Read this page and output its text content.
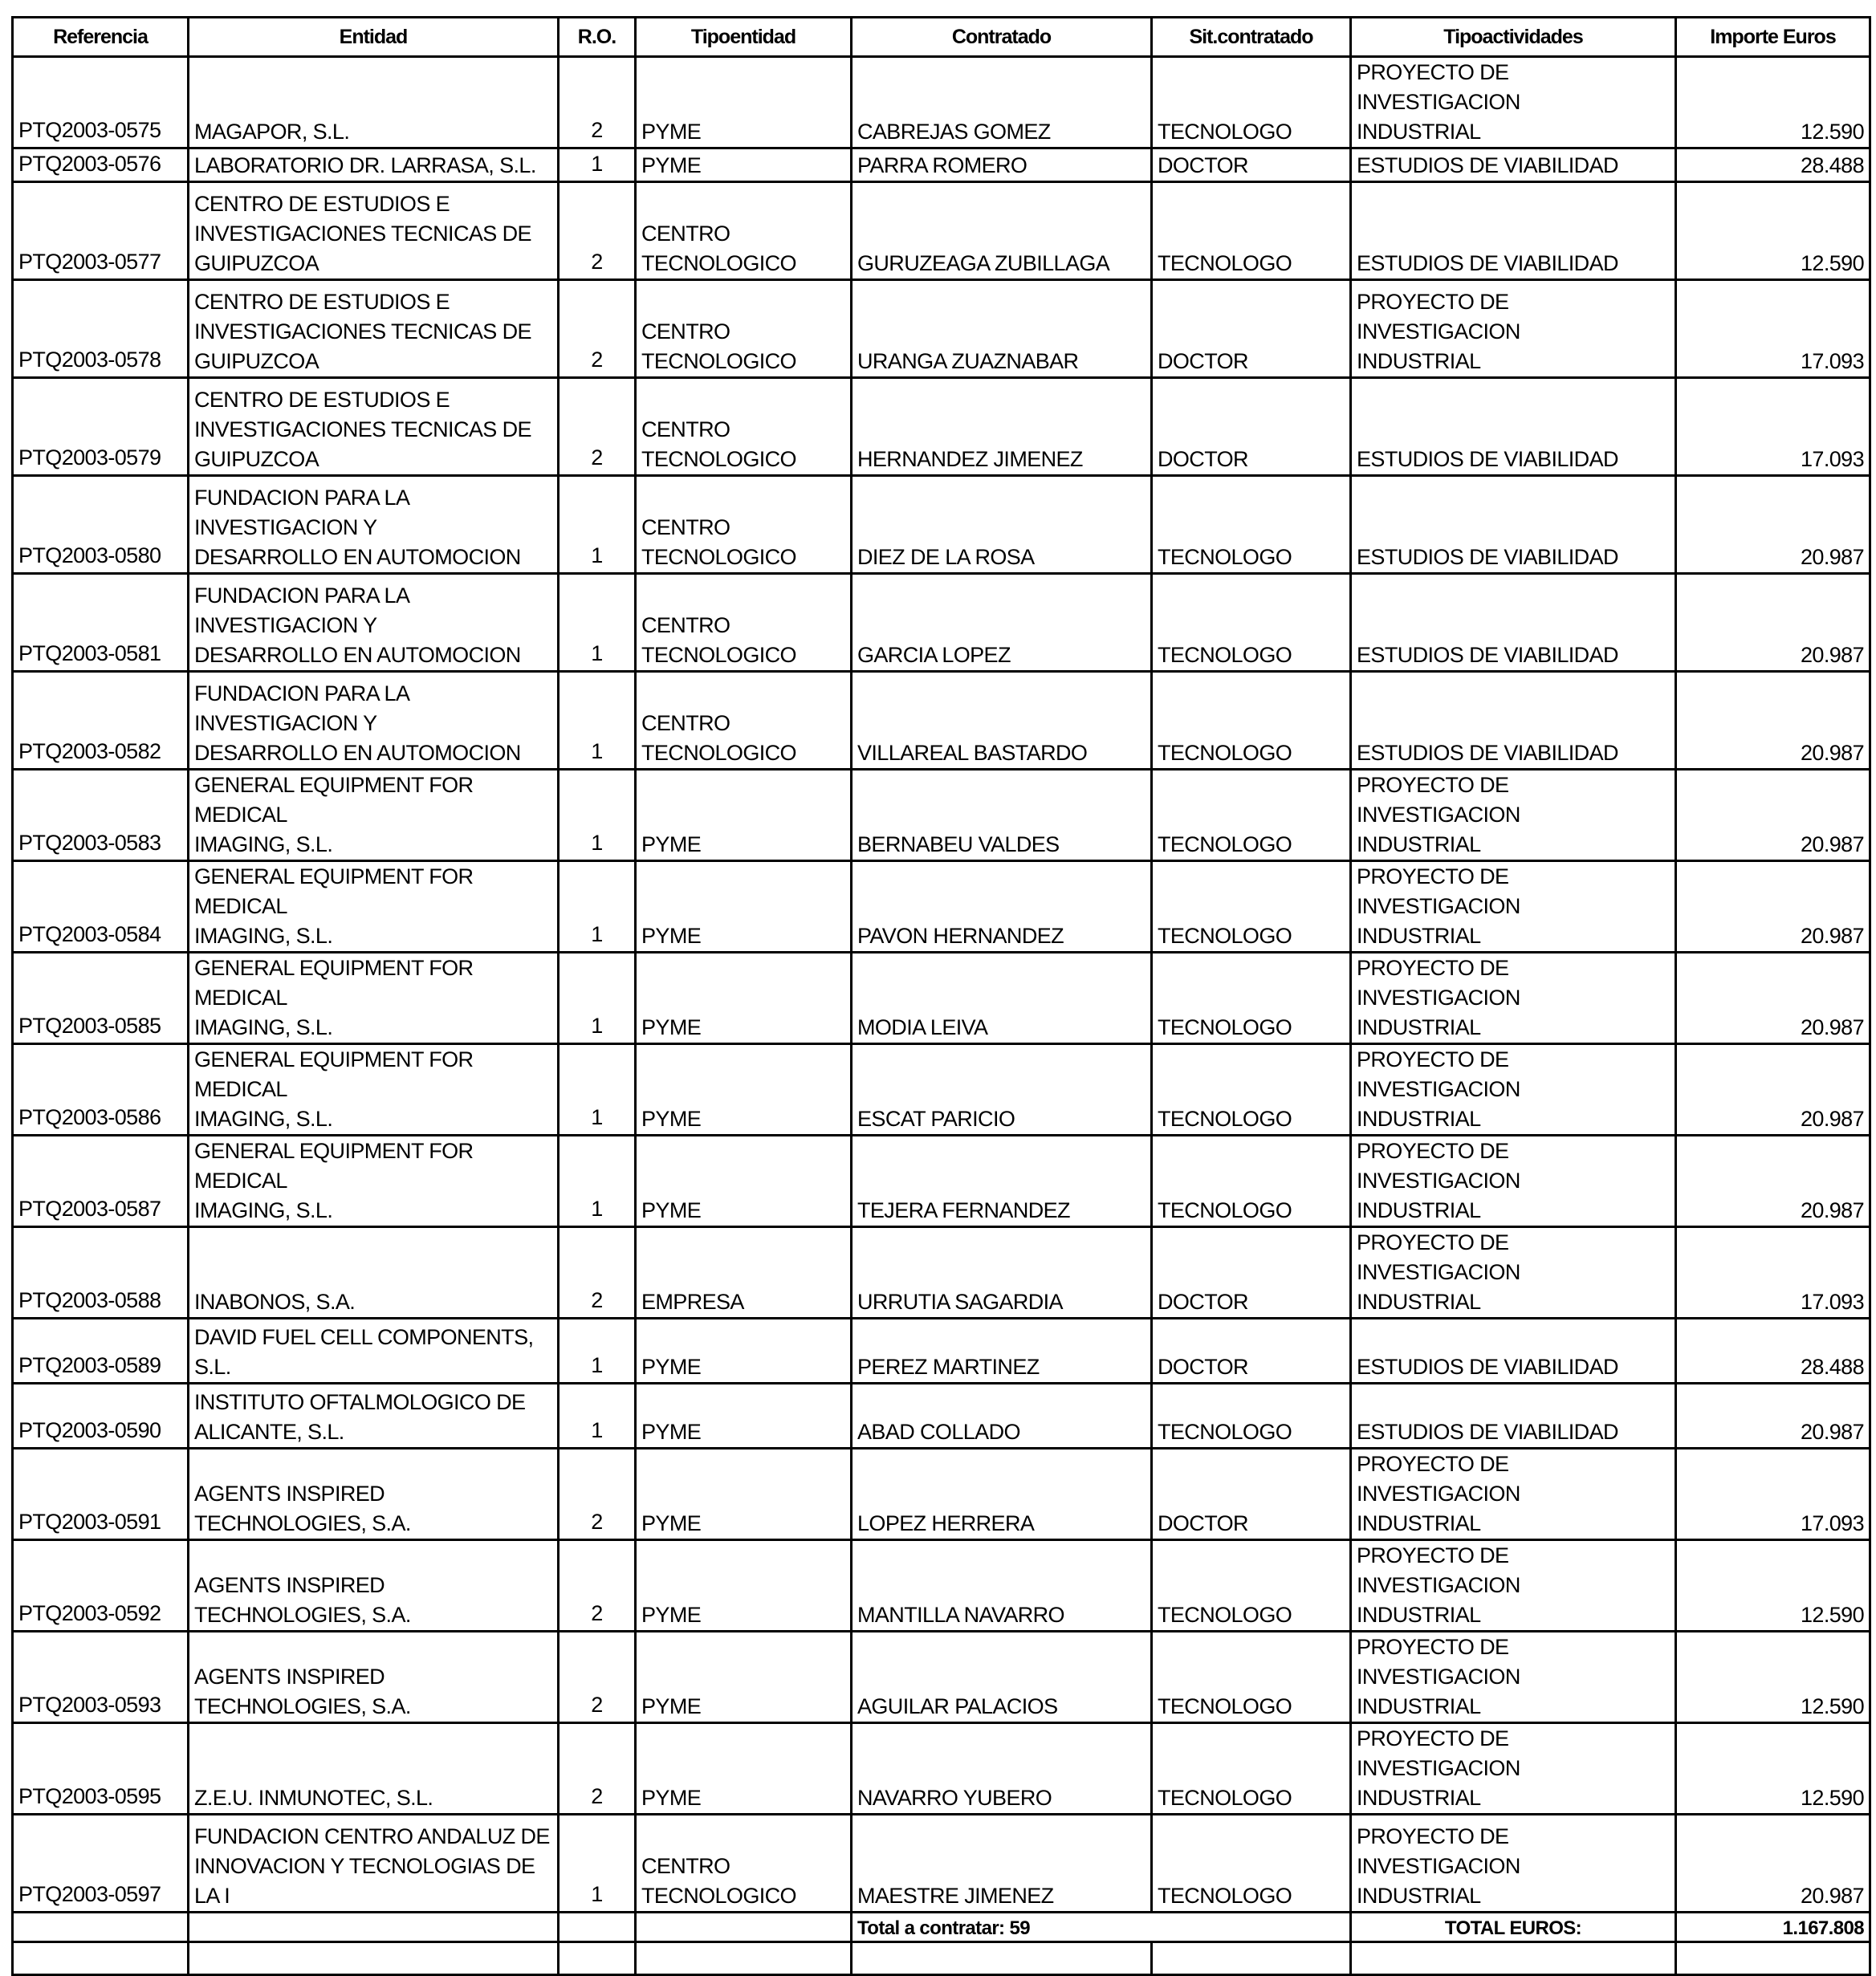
Referencia	Entidad	R.O.	Tipoentidad	Contratado	Sit.contratado	Tipoactividades	Importe Euros
PTQ2003-0575	MAGAPOR, S.L.	2	PYME	CABREJAS GOMEZ	TECNOLOGO	PROYECTO DE INVESTIGACION
INDUSTRIAL	12.590
PTQ2003-0576	LABORATORIO DR. LARRASA, S.L.	1	PYME	PARRA ROMERO	DOCTOR	ESTUDIOS DE VIABILIDAD	28.488
PTQ2003-0577	CENTRO DE ESTUDIOS E
INVESTIGACIONES TECNICAS DE
GUIPUZCOA	2	CENTRO
TECNOLOGICO	GURUZEAGA ZUBILLAGA	TECNOLOGO	ESTUDIOS DE VIABILIDAD	12.590
PTQ2003-0578	CENTRO DE ESTUDIOS E
INVESTIGACIONES TECNICAS DE
GUIPUZCOA	2	CENTRO
TECNOLOGICO	URANGA ZUAZNABAR	DOCTOR	PROYECTO DE INVESTIGACION
INDUSTRIAL	17.093
PTQ2003-0579	CENTRO DE ESTUDIOS E
INVESTIGACIONES TECNICAS DE
GUIPUZCOA	2	CENTRO
TECNOLOGICO	HERNANDEZ JIMENEZ	DOCTOR	ESTUDIOS DE VIABILIDAD	17.093
PTQ2003-0580	FUNDACION PARA LA INVESTIGACION Y
DESARROLLO EN AUTOMOCION	1	CENTRO
TECNOLOGICO	DIEZ DE LA ROSA	TECNOLOGO	ESTUDIOS DE VIABILIDAD	20.987
PTQ2003-0581	FUNDACION PARA LA INVESTIGACION Y
DESARROLLO EN AUTOMOCION	1	CENTRO
TECNOLOGICO	GARCIA LOPEZ	TECNOLOGO	ESTUDIOS DE VIABILIDAD	20.987
PTQ2003-0582	FUNDACION PARA LA INVESTIGACION Y
DESARROLLO EN AUTOMOCION	1	CENTRO
TECNOLOGICO	VILLAREAL BASTARDO	TECNOLOGO	ESTUDIOS DE VIABILIDAD	20.987
PTQ2003-0583	GENERAL EQUIPMENT FOR MEDICAL
IMAGING, S.L.	1	PYME	BERNABEU VALDES	TECNOLOGO	PROYECTO DE INVESTIGACION
INDUSTRIAL	20.987
PTQ2003-0584	GENERAL EQUIPMENT FOR MEDICAL
IMAGING, S.L.	1	PYME	PAVON HERNANDEZ	TECNOLOGO	PROYECTO DE INVESTIGACION
INDUSTRIAL	20.987
PTQ2003-0585	GENERAL EQUIPMENT FOR MEDICAL
IMAGING, S.L.	1	PYME	MODIA LEIVA	TECNOLOGO	PROYECTO DE INVESTIGACION
INDUSTRIAL	20.987
PTQ2003-0586	GENERAL EQUIPMENT FOR MEDICAL
IMAGING, S.L.	1	PYME	ESCAT PARICIO	TECNOLOGO	PROYECTO DE INVESTIGACION
INDUSTRIAL	20.987
PTQ2003-0587	GENERAL EQUIPMENT FOR MEDICAL
IMAGING, S.L.	1	PYME	TEJERA FERNANDEZ	TECNOLOGO	PROYECTO DE INVESTIGACION
INDUSTRIAL	20.987
PTQ2003-0588	INABONOS, S.A.	2	EMPRESA	URRUTIA SAGARDIA	DOCTOR	PROYECTO DE INVESTIGACION
INDUSTRIAL	17.093
PTQ2003-0589	DAVID FUEL CELL COMPONENTS, S.L.	1	PYME	PEREZ MARTINEZ	DOCTOR	ESTUDIOS DE VIABILIDAD	28.488
PTQ2003-0590	INSTITUTO OFTALMOLOGICO DE
ALICANTE, S.L.	1	PYME	ABAD COLLADO	TECNOLOGO	ESTUDIOS DE VIABILIDAD	20.987
PTQ2003-0591	AGENTS INSPIRED TECHNOLOGIES, S.A.	2	PYME	LOPEZ HERRERA	DOCTOR	PROYECTO DE INVESTIGACION
INDUSTRIAL	17.093
PTQ2003-0592	AGENTS INSPIRED TECHNOLOGIES, S.A.	2	PYME	MANTILLA NAVARRO	TECNOLOGO	PROYECTO DE INVESTIGACION
INDUSTRIAL	12.590
PTQ2003-0593	AGENTS INSPIRED TECHNOLOGIES, S.A.	2	PYME	AGUILAR PALACIOS	TECNOLOGO	PROYECTO DE INVESTIGACION
INDUSTRIAL	12.590
PTQ2003-0595	Z.E.U. INMUNOTEC, S.L.	2	PYME	NAVARRO YUBERO	TECNOLOGO	PROYECTO DE INVESTIGACION
INDUSTRIAL	12.590
PTQ2003-0597	FUNDACION CENTRO ANDALUZ DE
INNOVACION Y TECNOLOGIAS DE LA I	1	CENTRO
TECNOLOGICO	MAESTRE JIMENEZ	TECNOLOGO	PROYECTO DE INVESTIGACION
INDUSTRIAL	20.987
				Total a contratar: 59		TOTAL EUROS:	1.167.808
